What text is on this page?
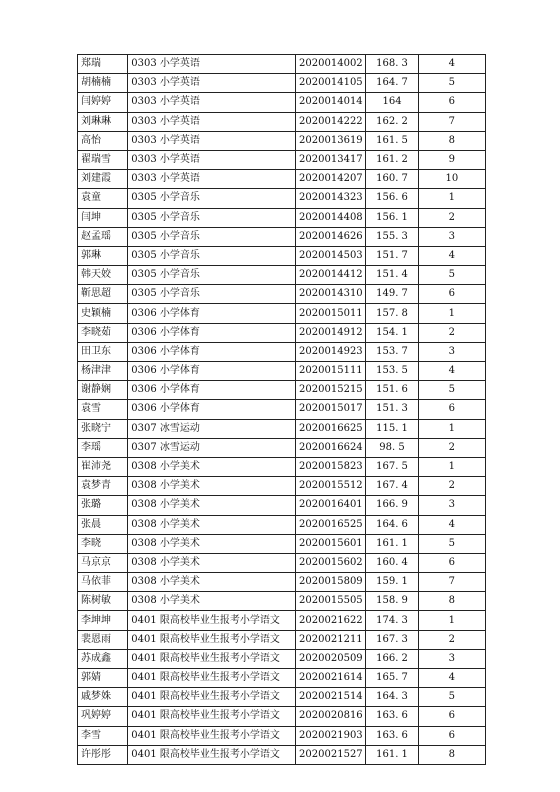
郑瑞	0303 小学英语	2020014002	168. 3	4
胡楠楠	0303 小学英语	2020014105	164. 7	5
闫婷婷	0303 小学英语	2020014014	164	6
刘琳琳	0303 小学英语	2020014222	162. 2	7
高怡	0303 小学英语	2020013619	161. 5	8
翟瑞雪	0303 小学英语	2020013417	161. 2	9
刘建霞	0303 小学英语	2020014207	160. 7	10
袁童	0305 小学音乐	2020014323	156. 6	1
闫坤	0305 小学音乐	2020014408	156. 1	2
赵孟瑶	0305 小学音乐	2020014626	155. 3	3
郭琳	0305 小学音乐	2020014503	151. 7	4
韩天姣	0305 小学音乐	2020014412	151. 4	5
靳思超	0305 小学音乐	2020014310	149. 7	6
史颖楠	0306 小学体育	2020015011	157. 8	1
李晓茹	0306 小学体育	2020014912	154. 1	2
田卫东	0306 小学体育	2020014923	153. 7	3
杨津津	0306 小学体育	2020015111	153. 5	4
谢静娴	0306 小学体育	2020015215	151. 6	5
袁雪	0306 小学体育	2020015017	151. 3	6
张晓宁	0307 冰雪运动	2020016625	115. 1	1
李瑶	0307 冰雪运动	2020016624	98. 5	2
崔沛尧	0308 小学美术	2020015823	167. 5	1
袁梦青	0308 小学美术	2020015512	167. 4	2
张璐	0308 小学美术	2020016401	166. 9	3
张晨	0308 小学美术	2020016525	164. 6	4
李晓	0308 小学美术	2020015601	161. 1	5
马京京	0308 小学美术	2020015602	160. 4	6
马依菲	0308 小学美术	2020015809	159. 1	7
陈树敏	0308 小学美术	2020015505	158. 9	8
李坤坤	0401 限高校毕业生报考小学语文	2020021622	174. 3	1
裴恩雨	0401 限高校毕业生报考小学语文	2020021211	167. 3	2
苏成鑫	0401 限高校毕业生报考小学语文	2020020509	166. 2	3
郭婧	0401 限高校毕业生报考小学语文	2020021614	165. 7	4
戚梦姝	0401 限高校毕业生报考小学语文	2020021514	164. 3	5
巩婷婷	0401 限高校毕业生报考小学语文	2020020816	163. 6	6
李雪	0401 限高校毕业生报考小学语文	2020021903	163. 6	6
许彤彤	0401 限高校毕业生报考小学语文	2020021527	161. 1	8
